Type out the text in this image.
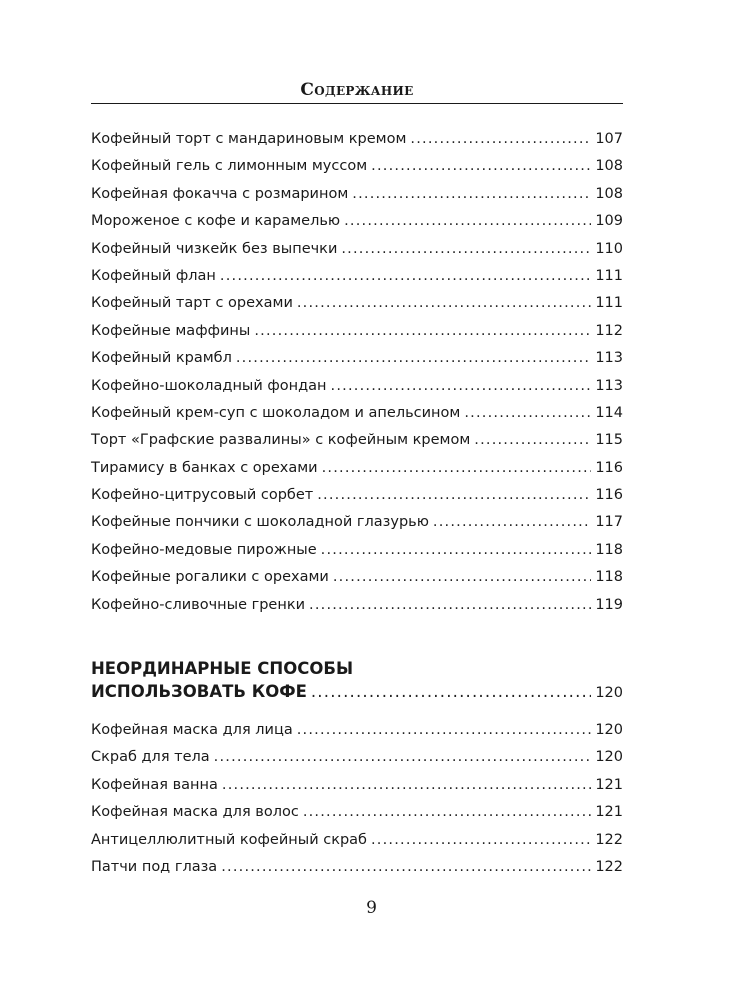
Содержание
Кофейный торт с мандариновым кремом .....	107
Кофейный гель с лимонным муссом .....	108
Кофейная фокачча с розмарином .....	108
Мороженое с кофе и карамелью .....	109
Кофейный чизкейк без выпечки .....	110
Кофейный флан .....	111
Кофейный тарт с орехами .....	111
Кофейные маффины .....	112
Кофейный крамбл .....	113
Кофейно-шоколадный фондан .....	113
Кофейный крем-суп с шоколадом и апельсином .....	114
Торт «Графские развалины» с кофейным кремом .....	115
Тирамису в банках с орехами .....	116
Кофейно-цитрусовый сорбет .....	116
Кофейные пончики с шоколадной глазурью .....	117
Кофейно-медовые пирожные .....	118
Кофейные рогалики с орехами .....	118
Кофейно-сливочные гренки .....	119
НЕОРДИНАРНЫЕ СПОСОБЫ
ИСПОЛЬЗОВАТЬ КОФЕ .....	120
Кофейная маска для лица .....	120
Скраб для тела .....	120
Кофейная ванна .....	121
Кофейная маска для волос .....	121
Антицеллюлитный кофейный скраб .....	122
Патчи под глаза .....	122
9
